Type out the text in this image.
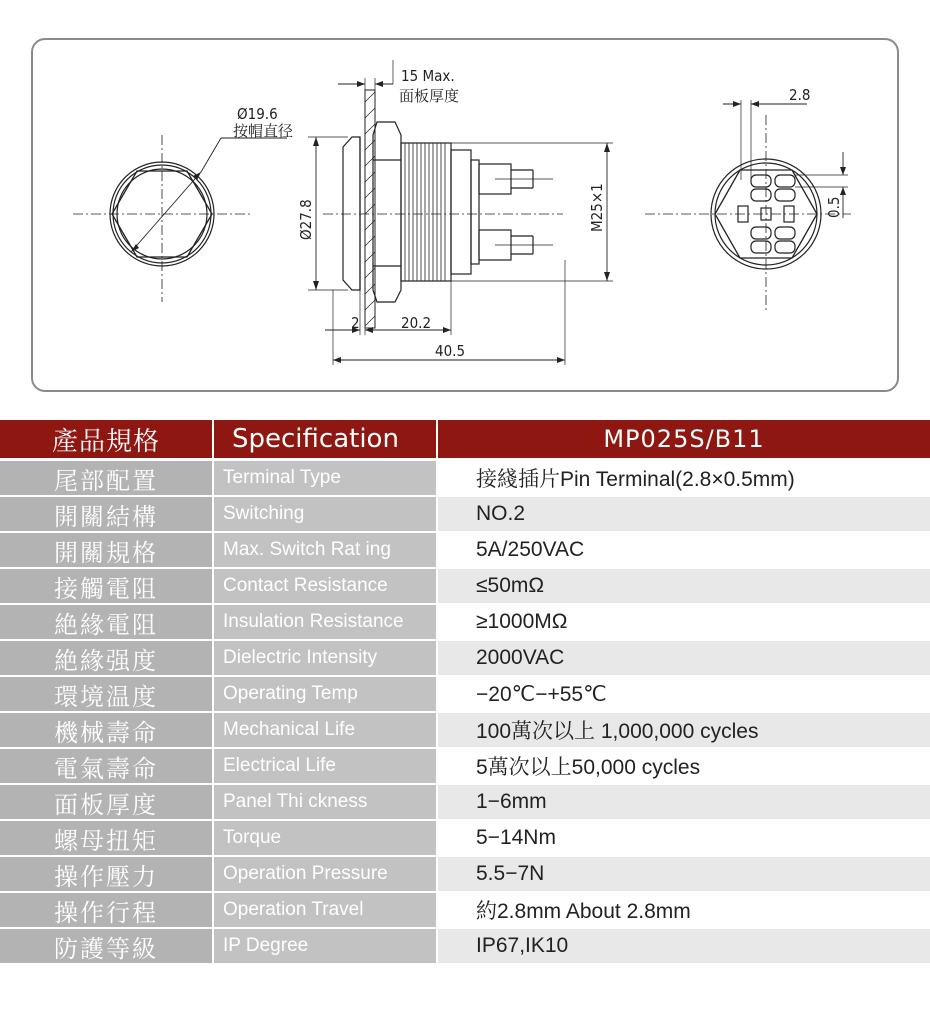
Ø19.6
按帽直径
Ø27.8	M25×1
15 Max.
面板厚度
2	20.2
40.5
2.8
0.5
產品規格	Specification	MP025S/B11
尾部配置	Terminal Type	接綫插片Pin Terminal(2.8×0.5mm)
開關結構	Switching	NO.2
開關規格	Max. Switch Rat ing	5A/250VAC
接觸電阻	Contact Resistance	≤50mΩ
絶緣電阻	Insulation Resistance	≥1000MΩ
絶緣强度	Dielectric Intensity	2000VAC
環境温度	Operating Temp	−20℃−+55℃
機械壽命	Mechanical Life	100萬次以上 1,000,000 cycles
電氣壽命	Electrical Life	5萬次以上50,000 cycles
面板厚度	Panel Thi ckness	1−6mm
螺母扭矩	Torque	5−14Nm
操作壓力	Operation Pressure	5.5−7N
操作行程	Operation Travel	約2.8mm About 2.8mm
防護等級	IP Degree	IP67,IK10
